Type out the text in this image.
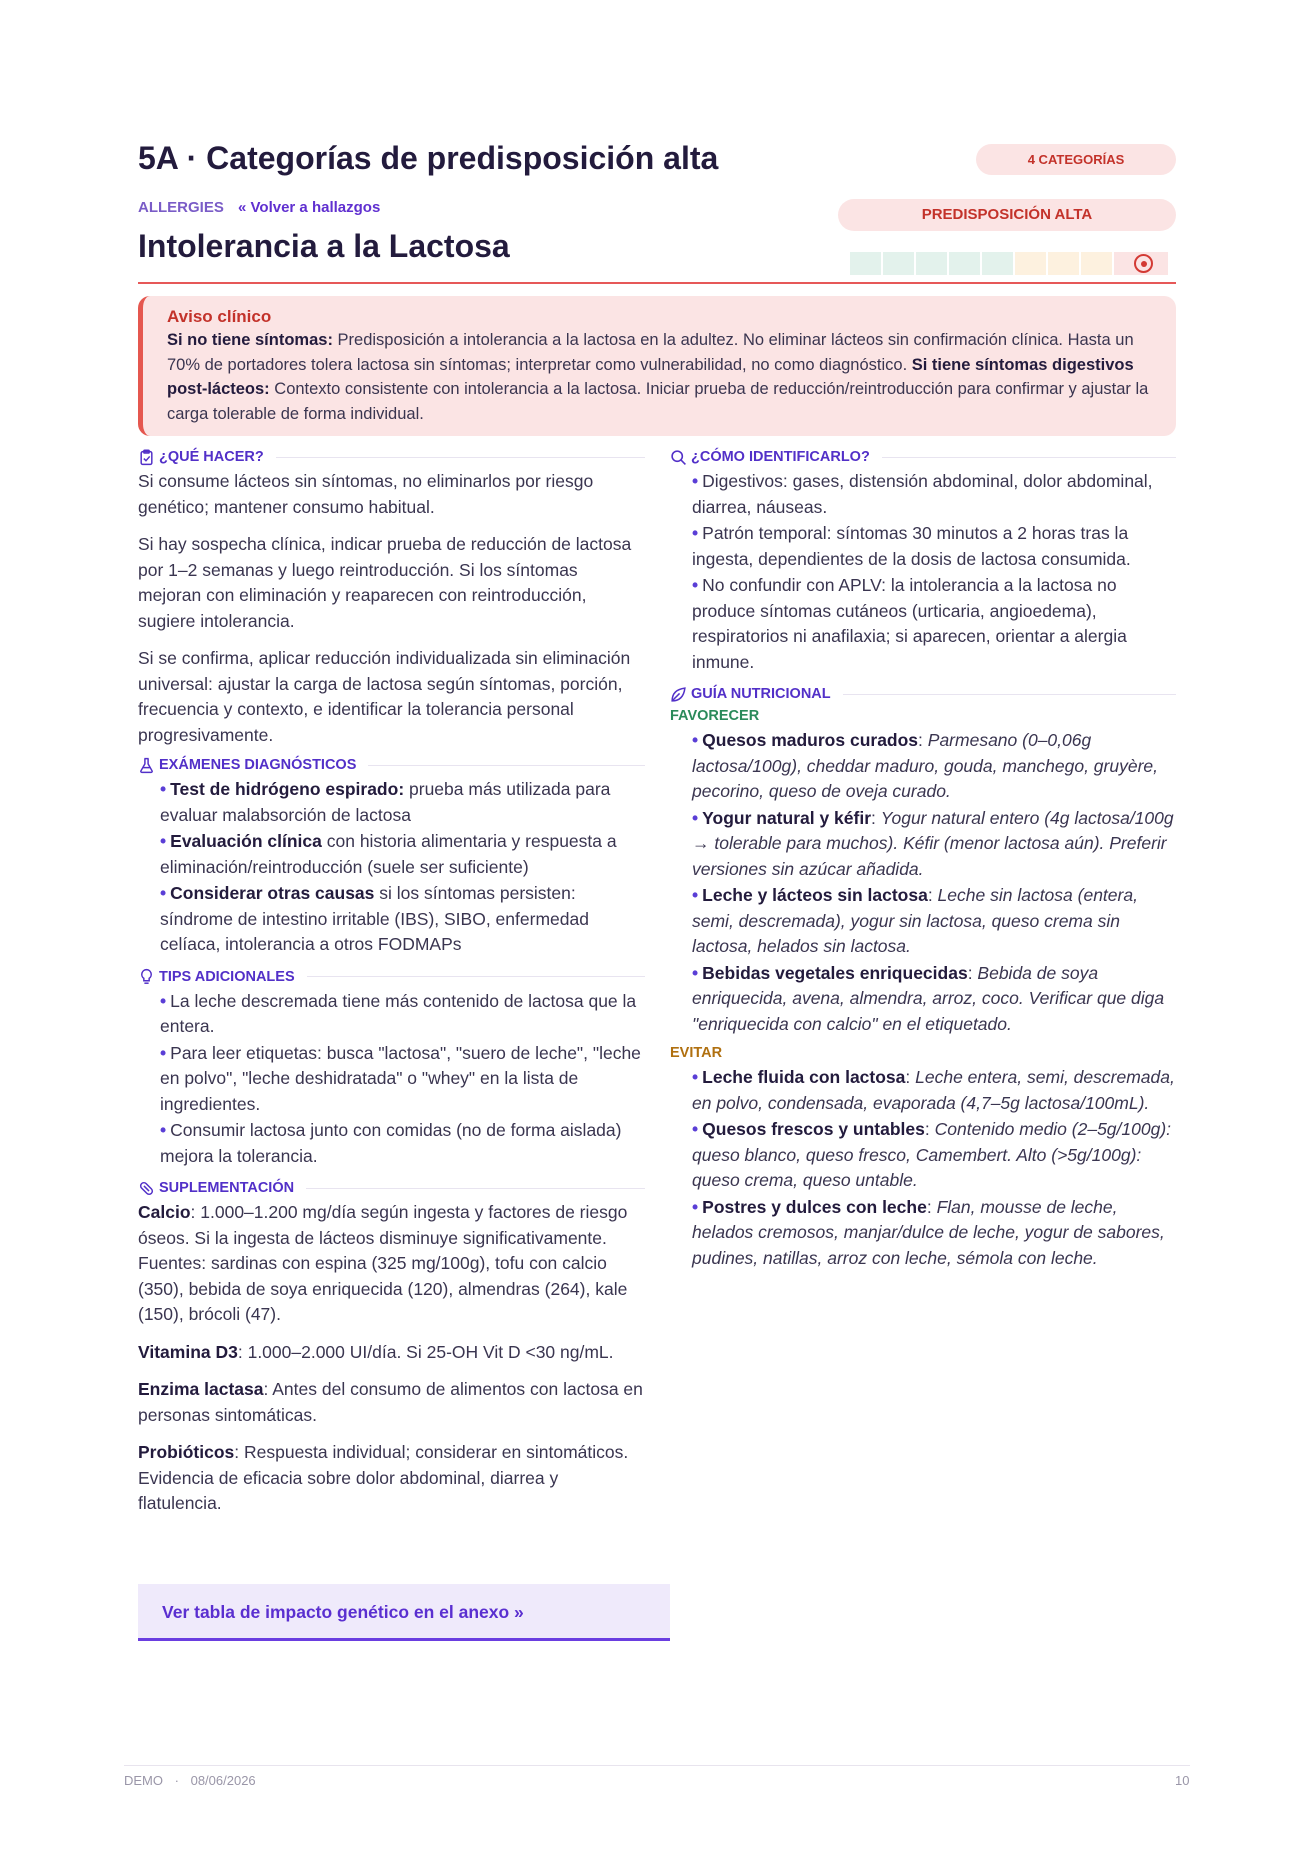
5A · Categorías de predisposición alta	4 CATEGORÍAS
ALLERGIES « Volver a hallazgos	PREDISPOSICIÓN ALTA
Intolerancia a la Lactosa
Aviso clínico
Si no tiene síntomas: Predisposición a intolerancia a la lactosa en la adultez. No eliminar lácteos sin confirmación clínica. Hasta un 70% de portadores tolera lactosa sin síntomas; interpretar como vulnerabilidad, no como diagnóstico. Si tiene síntomas digestivos post-lácteos: Contexto consistente con intolerancia a la lactosa. Iniciar prueba de reducción/reintroducción para confirmar y ajustar la carga tolerable de forma individual.
¿QUÉ HACER?

Si consume lácteos sin síntomas, no eliminarlos por riesgo genético; mantener consumo habitual.

Si hay sospecha clínica, indicar prueba de reducción de lactosa por 1–2 semanas y luego reintroducción. Si los síntomas mejoran con eliminación y reaparecen con reintroducción, sugiere intolerancia.

Si se confirma, aplicar reducción individualizada sin eliminación universal: ajustar la carga de lactosa según síntomas, porción, frecuencia y contexto, e identificar la tolerancia personal progresivamente.

EXÁMENES DIAGNÓSTICOS
• Test de hidrógeno espirado: prueba más utilizada para evaluar malabsorción de lactosa
• Evaluación clínica con historia alimentaria y respuesta a eliminación/reintroducción (suele ser suficiente)
• Considerar otras causas si los síntomas persisten: síndrome de intestino irritable (IBS), SIBO, enfermedad celíaca, intolerancia a otros FODMAPs
TIPS ADICIONALES
• La leche descremada tiene más contenido de lactosa que la entera.
• Para leer etiquetas: busca "lactosa", "suero de leche", "leche en polvo", "leche deshidratada" o "whey" en la lista de ingredientes.
• Consumir lactosa junto con comidas (no de forma aislada) mejora la tolerancia.
SUPLEMENTACIÓN

Calcio: 1.000–1.200 mg/día según ingesta y factores de riesgo óseos. Si la ingesta de lácteos disminuye significativamente. Fuentes: sardinas con espina (325 mg/100g), tofu con calcio (350), bebida de soya enriquecida (120), almendras (264), kale (150), brócoli (47).

Vitamina D3: 1.000–2.000 UI/día. Si 25-OH Vit D <30 ng/mL.

Enzima lactasa: Antes del consumo de alimentos con lactosa en personas sintomáticas.

Probióticos: Respuesta individual; considerar en sintomáticos. Evidencia de eficacia sobre dolor abdominal, diarrea y flatulencia.

Ver tabla de impacto genético en el anexo »
¿CÓMO IDENTIFICARLO?
• Digestivos: gases, distensión abdominal, dolor abdominal, diarrea, náuseas.
• Patrón temporal: síntomas 30 minutos a 2 horas tras la ingesta, dependientes de la dosis de lactosa consumida.
• No confundir con APLV: la intolerancia a la lactosa no produce síntomas cutáneos (urticaria, angioedema), respiratorios ni anafilaxia; si aparecen, orientar a alergia inmune.
GUÍA NUTRICIONAL
FAVORECER
• Quesos maduros curados: Parmesano (0–0,06g lactosa/100g), cheddar maduro, gouda, manchego, gruyère, pecorino, queso de oveja curado.
• Yogur natural y kéfir: Yogur natural entero (4g lactosa/100g → tolerable para muchos). Kéfir (menor lactosa aún). Preferir versiones sin azúcar añadida.
• Leche y lácteos sin lactosa: Leche sin lactosa (entera, semi, descremada), yogur sin lactosa, queso crema sin lactosa, helados sin lactosa.
• Bebidas vegetales enriquecidas: Bebida de soya enriquecida, avena, almendra, arroz, coco. Verificar que diga "enriquecida con calcio" en el etiquetado.
EVITAR
• Leche fluida con lactosa: Leche entera, semi, descremada, en polvo, condensada, evaporada (4,7–5g lactosa/100mL).
• Quesos frescos y untables: Contenido medio (2–5g/100g): queso blanco, queso fresco, Camembert. Alto (>5g/100g): queso crema, queso untable.
• Postres y dulces con leche: Flan, mousse de leche, helados cremosos, manjar/dulce de leche, yogur de sabores, pudines, natillas, arroz con leche, sémola con leche.
DEMO · 08/06/2026	10
